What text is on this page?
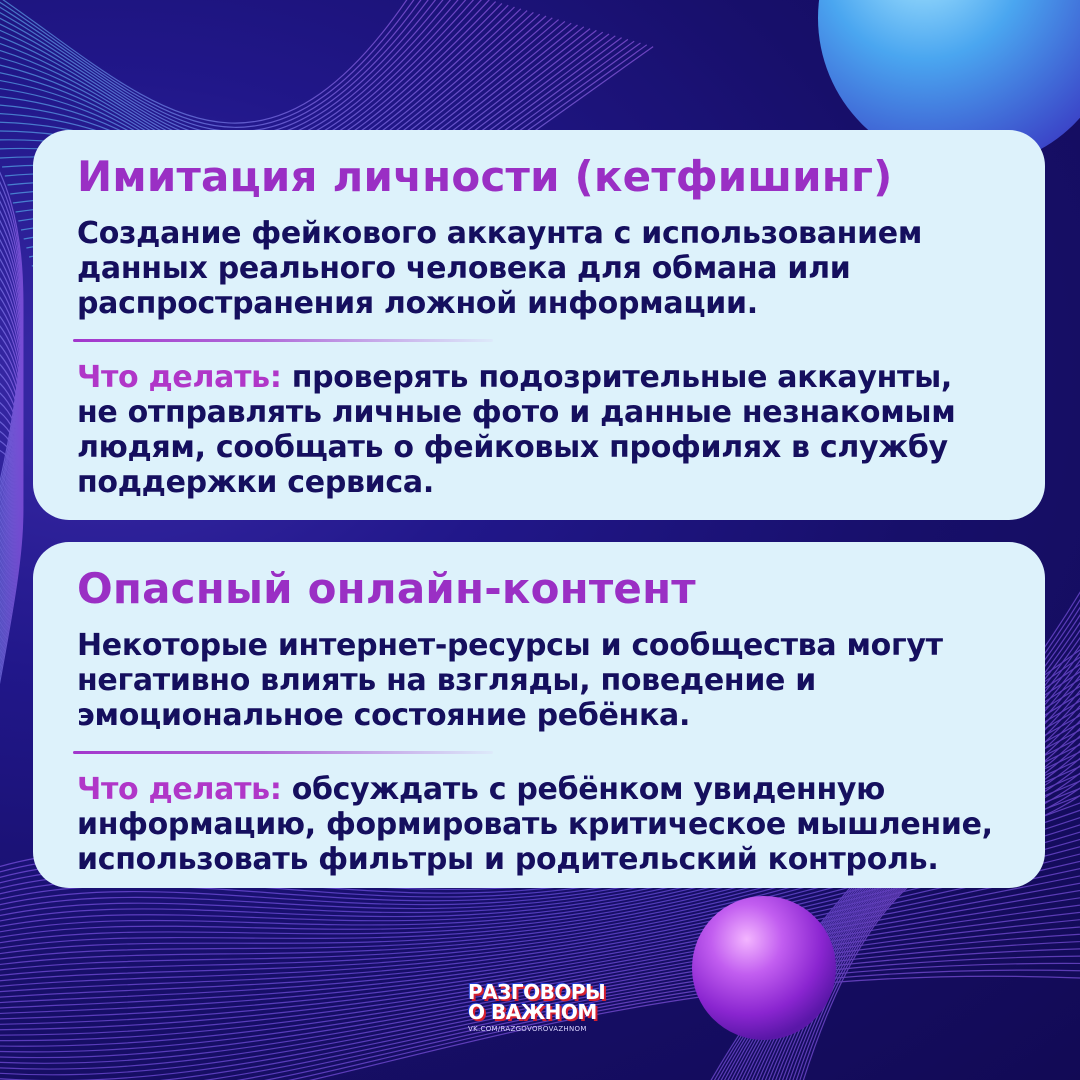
Имитация личности (кетфишинг)

Создание фейкового аккаунта с использованием данных реального человека для обмана или распространения ложной информации.

Что делать: проверять подозрительные аккаунты, не отправлять личные фото и данные незнакомым людям, сообщать о фейковых профилях в службу поддержки сервиса.

Опасный онлайн-контент

Некоторые интернет-ресурсы и сообщества могут негативно влиять на взгляды, поведение и эмоциональное состояние ребёнка.

Что делать: обсуждать с ребёнком увиденную информацию, формировать критическое мышление, использовать фильтры и родительский контроль.

РАЗГОВОРЫ
О ВАЖНОМ
VK.COM/RAZGOVOROVAZHNOM
